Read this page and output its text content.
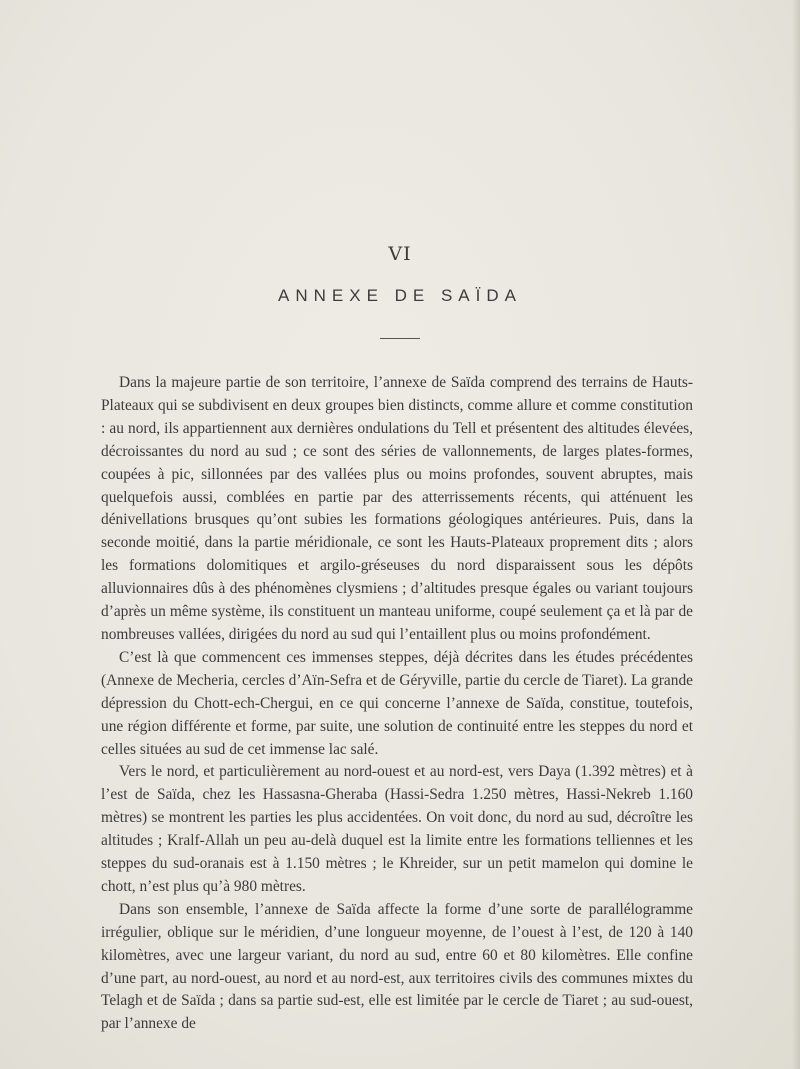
VI
ANNEXE DE SAÏDA

Dans la majeure partie de son territoire, l’annexe de Saïda comprend des terrains de Hauts-Plateaux qui se subdivisent en deux groupes bien distincts, comme allure et comme constitution : au nord, ils appartiennent aux dernières ondulations du Tell et présentent des altitudes élevées, décroissantes du nord au sud ; ce sont des séries de vallonnements, de larges plates-formes, coupées à pic, sillonnées par des vallées plus ou moins profondes, souvent abruptes, mais quelquefois aussi, comblées en partie par des atterrissements récents, qui atténuent les dénivellations brusques qu’ont subies les formations géologiques antérieures. Puis, dans la seconde moitié, dans la partie méridionale, ce sont les Hauts-Plateaux proprement dits ; alors les formations dolomitiques et argilo-gréseuses du nord disparaissent sous les dépôts alluvionnaires dûs à des phénomènes clysmiens ; d’altitudes presque égales ou variant toujours d’après un même système, ils constituent un manteau uniforme, coupé seulement ça et là par de nombreuses vallées, dirigées du nord au sud qui l’entaillent plus ou moins profondément.

C’est là que commencent ces immenses steppes, déjà décrites dans les études précédentes (Annexe de Mecheria, cercles d’Aïn-Sefra et de Géryville, partie du cercle de Tiaret). La grande dépression du Chott-ech-Chergui, en ce qui concerne l’annexe de Saïda, constitue, toutefois, une région différente et forme, par suite, une solution de continuité entre les steppes du nord et celles situées au sud de cet immense lac salé.

Vers le nord, et particulièrement au nord-ouest et au nord-est, vers Daya (1.392 mètres) et à l’est de Saïda, chez les Hassasna-Gheraba (Hassi-Sedra 1.250 mètres, Hassi-Nekreb 1.160 mètres) se montrent les parties les plus accidentées. On voit donc, du nord au sud, décroître les altitudes ; Kralf-Allah un peu au-delà duquel est la limite entre les formations telliennes et les steppes du sud-oranais est à 1.150 mètres ; le Khreider, sur un petit mamelon qui domine le chott, n’est plus qu’à 980 mètres.

Dans son ensemble, l’annexe de Saïda affecte la forme d’une sorte de parallélogramme irrégulier, oblique sur le méridien, d’une longueur moyenne, de l’ouest à l’est, de 120 à 140 kilomètres, avec une largeur variant, du nord au sud, entre 60 et 80 kilomètres. Elle confine d’une part, au nord-ouest, au nord et au nord-est, aux territoires civils des communes mixtes du Telagh et de Saïda ; dans sa partie sud-est, elle est limitée par le cercle de Tiaret ; au sud-ouest, par l’annexe de
